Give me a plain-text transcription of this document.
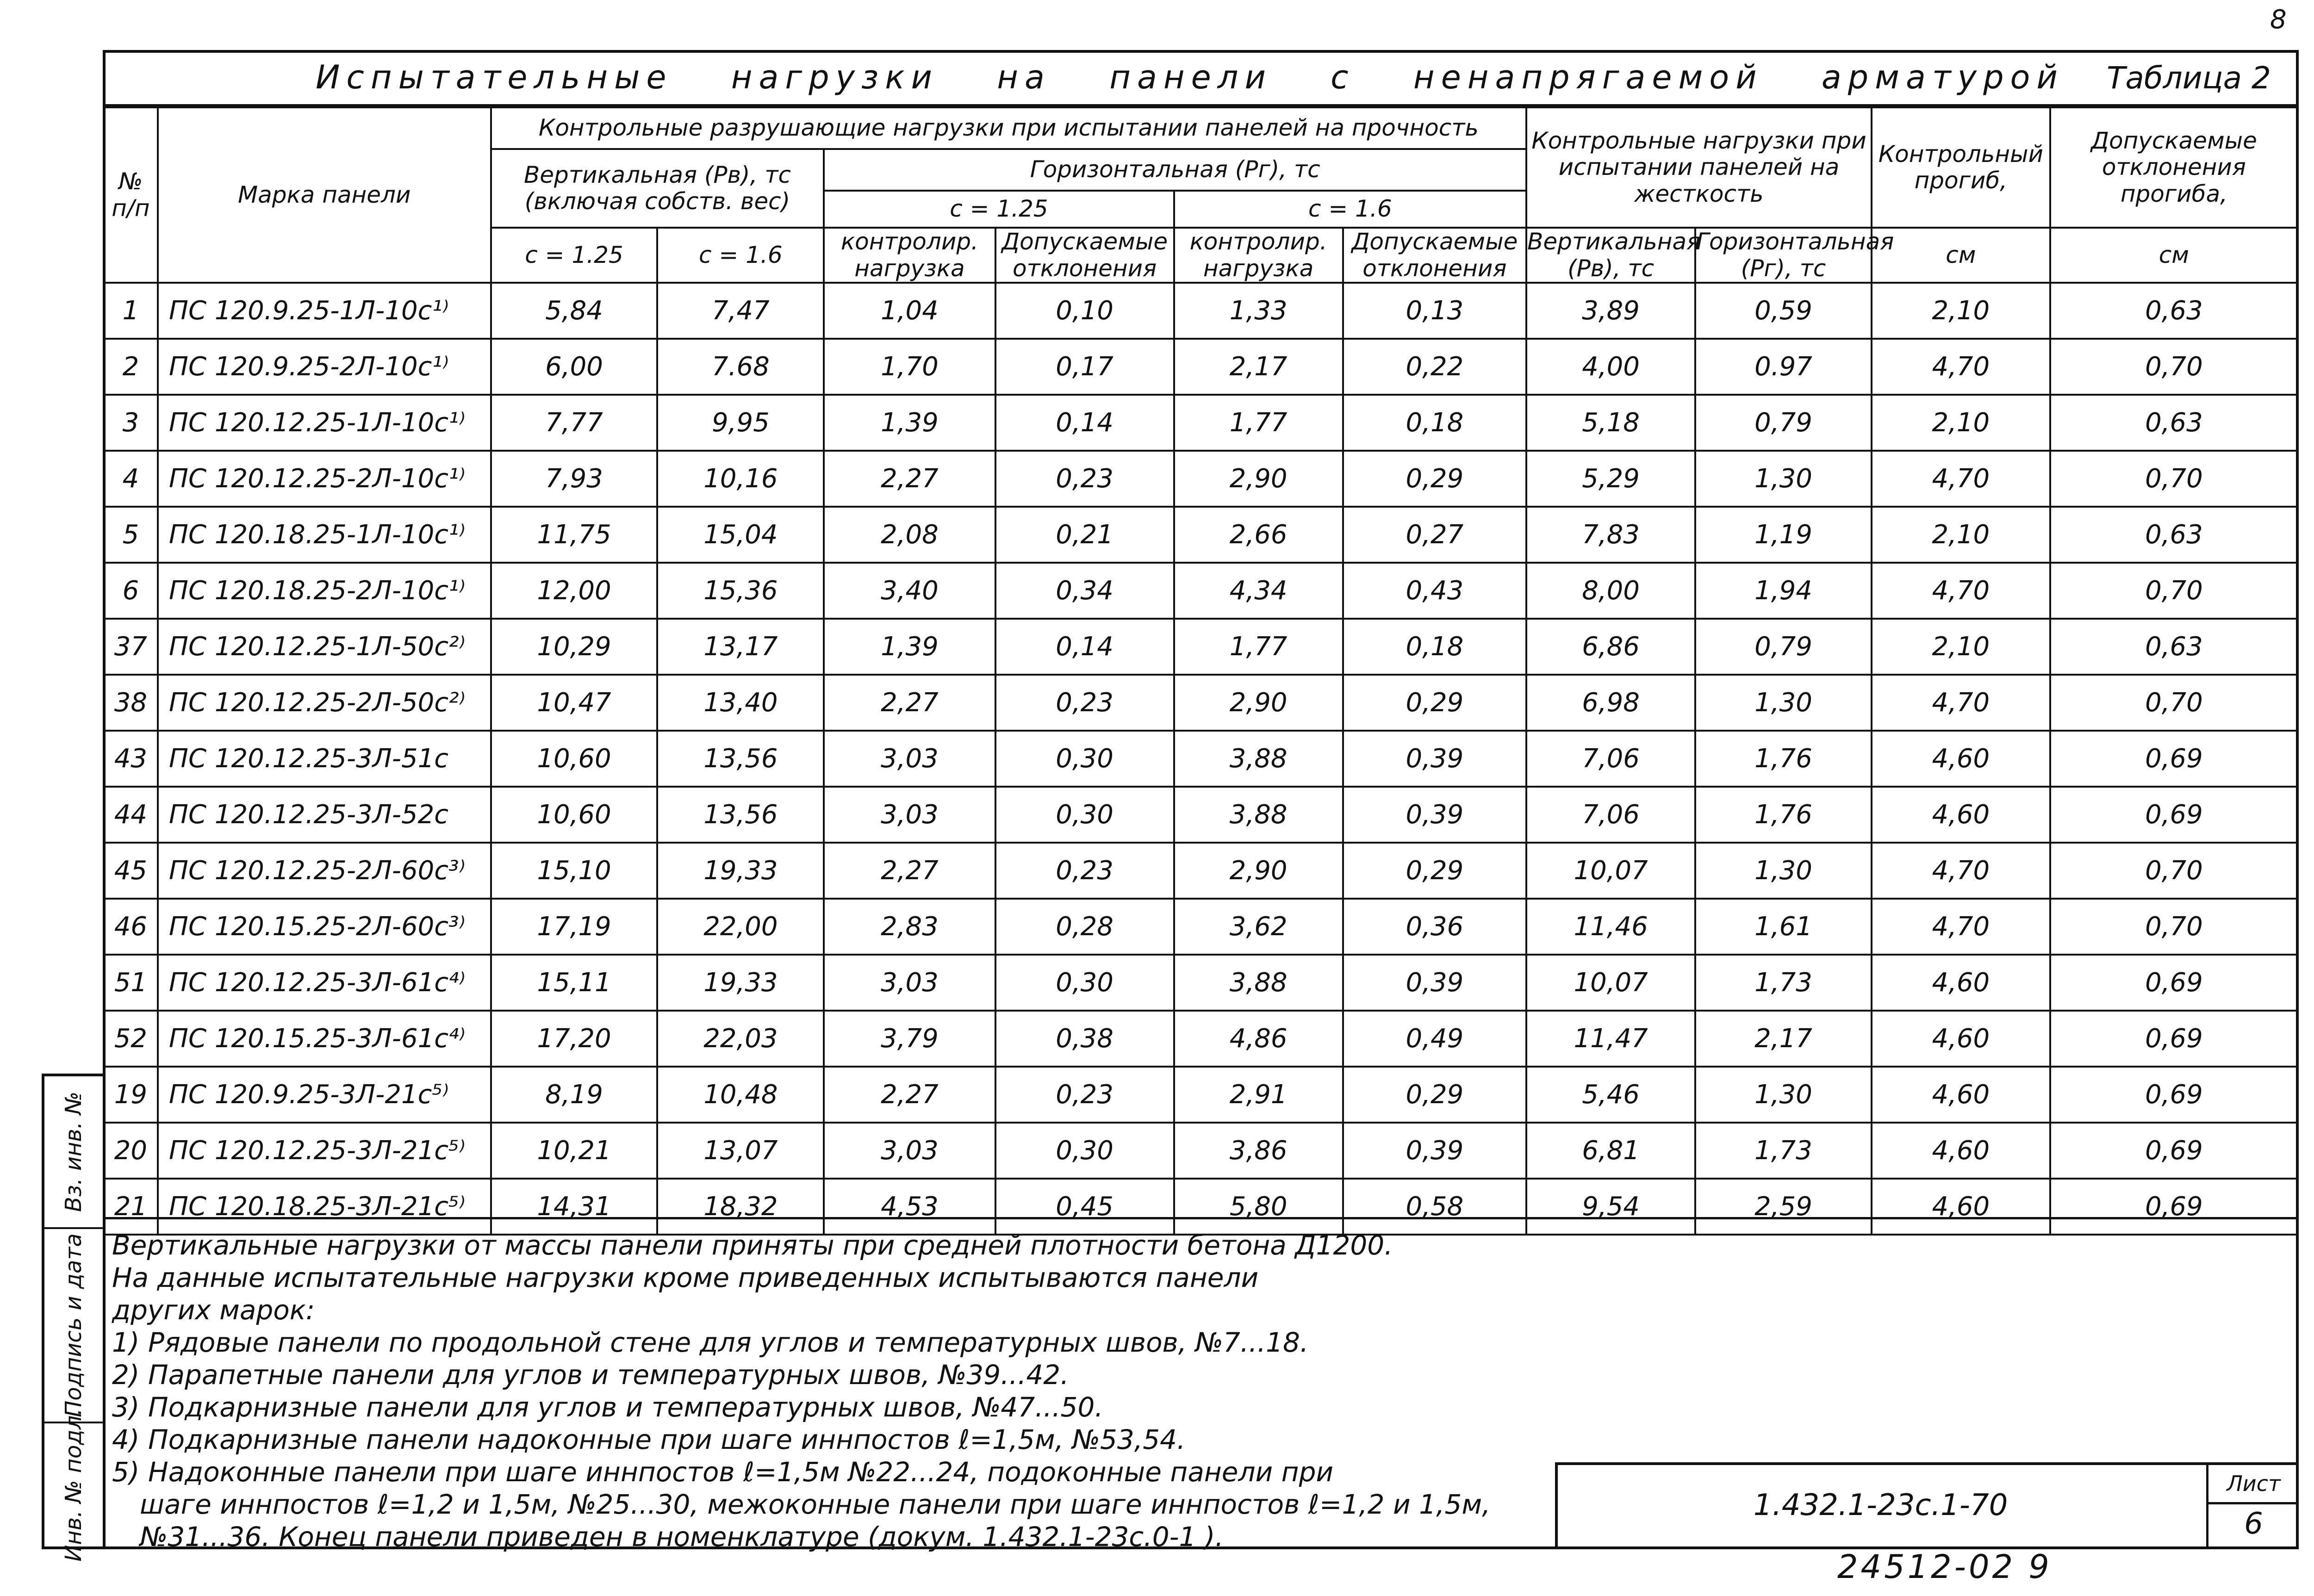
8
Вз. инв. №
Подпись и дата
Инв. № подл.
Испытательные нагрузки на панели с ненапрягаемой арматурой Таблица 2
№ п/п	Марка панели	Контрольные разрушающие нагрузки при испытании панелей на прочность						Контрольные нагрузки при испытании панелей на жесткость		Контрольный прогиб,	Допускаемые отклонения прогиба,
		Вертикальная (Pв), тс (включая собств. вес)		Горизонтальная (Pг), тс							
				c = 1.25		c = 1.6					
		c = 1.25	c = 1.6	контролир. нагрузка	Допускаемые отклонения	контролир. нагрузка	Допускаемые отклонения	Вертикальная (Pв), тс	Горизонтальная (Pг), тс	см	см
1	ПС 120.9.25-1Л-10с¹⁾	5,84	7,47	1,04	0,10	1,33	0,13	3,89	0,59	2,10	0,63
2	ПС 120.9.25-2Л-10с¹⁾	6,00	7.68	1,70	0,17	2,17	0,22	4,00	0.97	4,70	0,70
3	ПС 120.12.25-1Л-10с¹⁾	7,77	9,95	1,39	0,14	1,77	0,18	5,18	0,79	2,10	0,63
4	ПС 120.12.25-2Л-10с¹⁾	7,93	10,16	2,27	0,23	2,90	0,29	5,29	1,30	4,70	0,70
5	ПС 120.18.25-1Л-10с¹⁾	11,75	15,04	2,08	0,21	2,66	0,27	7,83	1,19	2,10	0,63
6	ПС 120.18.25-2Л-10с¹⁾	12,00	15,36	3,40	0,34	4,34	0,43	8,00	1,94	4,70	0,70
37	ПС 120.12.25-1Л-50с²⁾	10,29	13,17	1,39	0,14	1,77	0,18	6,86	0,79	2,10	0,63
38	ПС 120.12.25-2Л-50с²⁾	10,47	13,40	2,27	0,23	2,90	0,29	6,98	1,30	4,70	0,70
43	ПС 120.12.25-3Л-51с	10,60	13,56	3,03	0,30	3,88	0,39	7,06	1,76	4,60	0,69
44	ПС 120.12.25-3Л-52с	10,60	13,56	3,03	0,30	3,88	0,39	7,06	1,76	4,60	0,69
45	ПС 120.12.25-2Л-60с³⁾	15,10	19,33	2,27	0,23	2,90	0,29	10,07	1,30	4,70	0,70
46	ПС 120.15.25-2Л-60с³⁾	17,19	22,00	2,83	0,28	3,62	0,36	11,46	1,61	4,70	0,70
51	ПС 120.12.25-3Л-61с⁴⁾	15,11	19,33	3,03	0,30	3,88	0,39	10,07	1,73	4,60	0,69
52	ПС 120.15.25-3Л-61с⁴⁾	17,20	22,03	3,79	0,38	4,86	0,49	11,47	2,17	4,60	0,69
19	ПС 120.9.25-3Л-21с⁵⁾	8,19	10,48	2,27	0,23	2,91	0,29	5,46	1,30	4,60	0,69
20	ПС 120.12.25-3Л-21с⁵⁾	10,21	13,07	3,03	0,30	3,86	0,39	6,81	1,73	4,60	0,69
21	ПС 120.18.25-3Л-21с⁵⁾	14,31	18,32	4,53	0,45	5,80	0,58	9,54	2,59	4,60	0,69
Вертикальные нагрузки от массы панели приняты при средней плотности бетона Д1200.
На данные испытательные нагрузки кроме приведенных испытываются панели
других марок:
1) Рядовые панели по продольной стене для углов и температурных швов, №7...18.
2) Парапетные панели для углов и температурных швов, №39...42.
3) Подкарнизные панели для углов и температурных швов, №47...50.
4) Подкарнизные панели надоконные при шаге иннпостов ℓ=1,5м, №53,54.
5) Надоконные панели при шаге иннпостов ℓ=1,5м №22...24, подоконные панели при
шаге иннпостов ℓ=1,2 и 1,5м, №25...30, межоконные панели при шаге иннпостов ℓ=1,2 и 1,5м,
№31...36. Конец панели приведен в номенклатуре (докум. 1.432.1-23с.0-1 ).
1.432.1-23с.1-70
Лист
6
24512-02 9
